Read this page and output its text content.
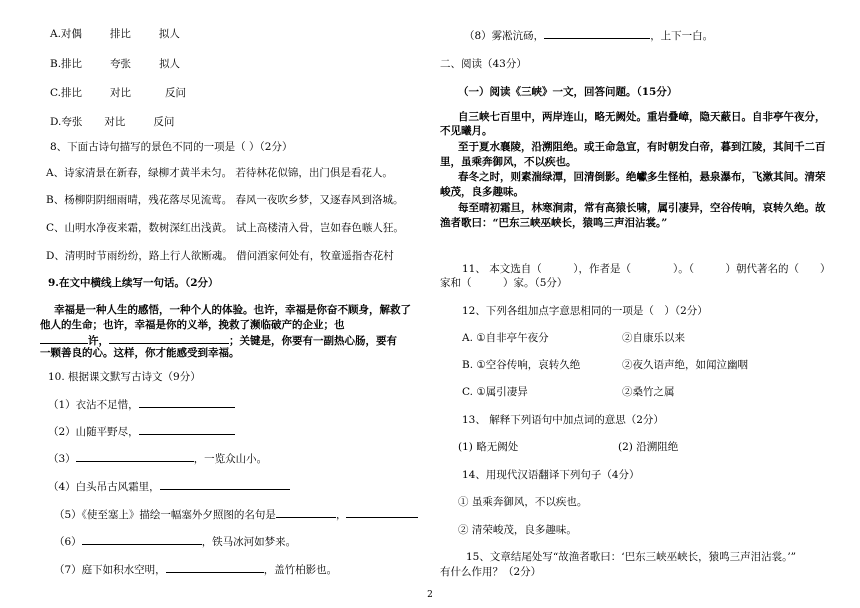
A.对偶	排比	拟人
B.排比	夸张	拟人
C.排比	对比	反问
D.夸张 对比	反问
8、下面古诗句描写的景色不同的一项是（ ）（2分）
A、诗家清景在新春，绿柳才黄半未匀。 若待林花似锦，出门俱是看花人。
B、杨柳阴阴细雨晴，残花落尽见流莺。 春风一夜吹乡梦，又逐春风到洛城。
C、山明水净夜来霜，数树深红出浅黄。 试上高楼清入骨，岂如春色嗾人狂。
D、清明时节雨纷纷，路上行人欲断魂。 借问酒家何处有，牧童遥指杏花村
9.在文中横线上续写一句话。（2分）
幸福是一种人生的感悟，一种个人的体验。也许，幸福是你奋不顾身，解救了
他人的生命；也许，幸福是你的义举，挽救了濒临破产的企业；也
许，	；关键是，你要有一副热心肠，要有
一颗善良的心。这样，你才能感受到幸福。
10. 根据课文默写古诗文（9分）
（1）衣沾不足惜，
（2）山随平野尽，
（3）	，一览众山小。
（4）白头吊古风霜里，
（5）《使至塞上》描绘一幅塞外夕照图的名句是	，
（6）	，铁马冰河如梦来。
（7）庭下如积水空明，	，盖竹柏影也。
（8）雾凇沆砀，	，上下一白。
二、阅读（43分）
（一）阅读《三峡》一文，回答问题。（15分）
自三峡七百里中，两岸连山，略无阙处。重岩叠嶂，隐天蔽日。自非亭午夜分，
不见曦月。
至于夏水襄陵，沿溯阻绝。或王命急宣，有时朝发白帝，暮到江陵，其间千二百
里，虽乘奔御风，不以疾也。
春冬之时，则素湍绿潭，回清倒影。绝巘多生怪柏，悬泉瀑布，飞漱其间。清荣
峻茂，良多趣味。
每至晴初霜旦，林寒涧肃，常有高猿长啸，属引凄异，空谷传响，哀转久绝。故
渔者歌曰：“巴东三峡巫峡长，猿鸣三声泪沾裳。”
11、 本文选自（　　　），作者是（　　　　）。（　　　）朝代著名的（　　）
家和（　　　）家。（5分）
12、下列各组加点字意思相同的一项是（　）（2分）
A. ①自非亭午夜分	②自康乐以来
B. ①空谷传响，哀转久绝	②夜久语声绝，如闻泣幽咽
C. ①属引凄异	②桑竹之属
13、 解释下列语句中加点词的意思（2分）
(1) 略无阙处	(2) 沿溯阻绝
14、用现代汉语翻译下列句子（4分）
① 虽乘奔御风，不以疾也。
② 清荣峻茂，良多趣味。
15、文章结尾处写“故渔者歌曰：‘巴东三峡巫峡长，猿鸣三声泪沾裳。’”
有什么作用？（2分）
2
